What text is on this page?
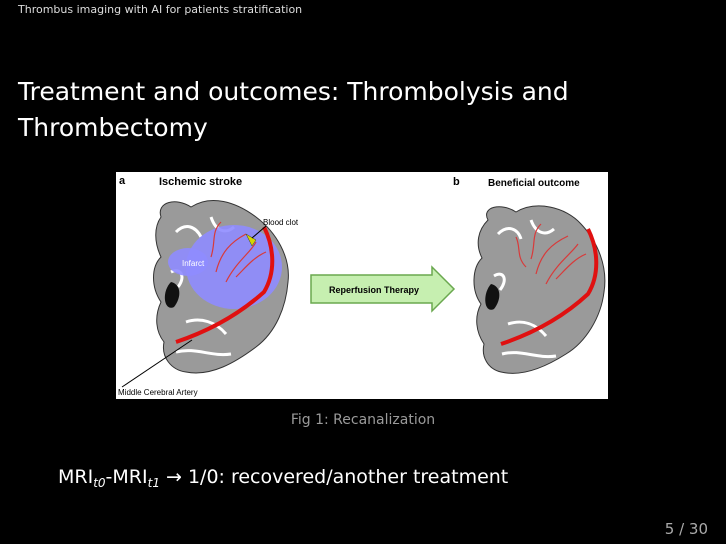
Thrombus imaging with AI for patients stratification
Treatment and outcomes: Thrombolysis and Thrombectomy
a	Ischemic stroke
Blood clot
Infarct
Middle Cerebral Artery
Reperfusion Therapy
b	Beneficial outcome
Fig 1: Recanalization
$MRI_{t0}-MRI_{t1} \to 1/0$: recovered/another treatment
5 / 30
